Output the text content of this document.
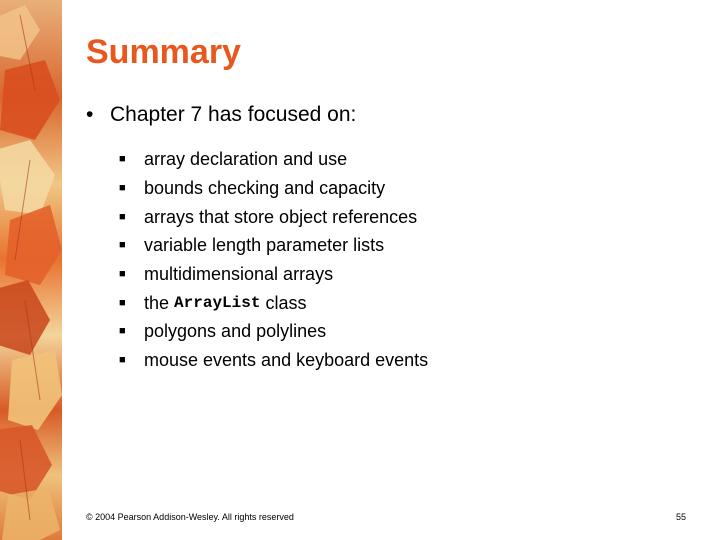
Summary
• Chapter 7 has focused on:
■	array declaration and use
■	bounds checking and capacity
■	arrays that store object references
■	variable length parameter lists
■	multidimensional arrays
■	the ArrayList class
■	polygons and polylines
■	mouse events and keyboard events
© 2004 Pearson Addison-Wesley. All rights reserved	55
